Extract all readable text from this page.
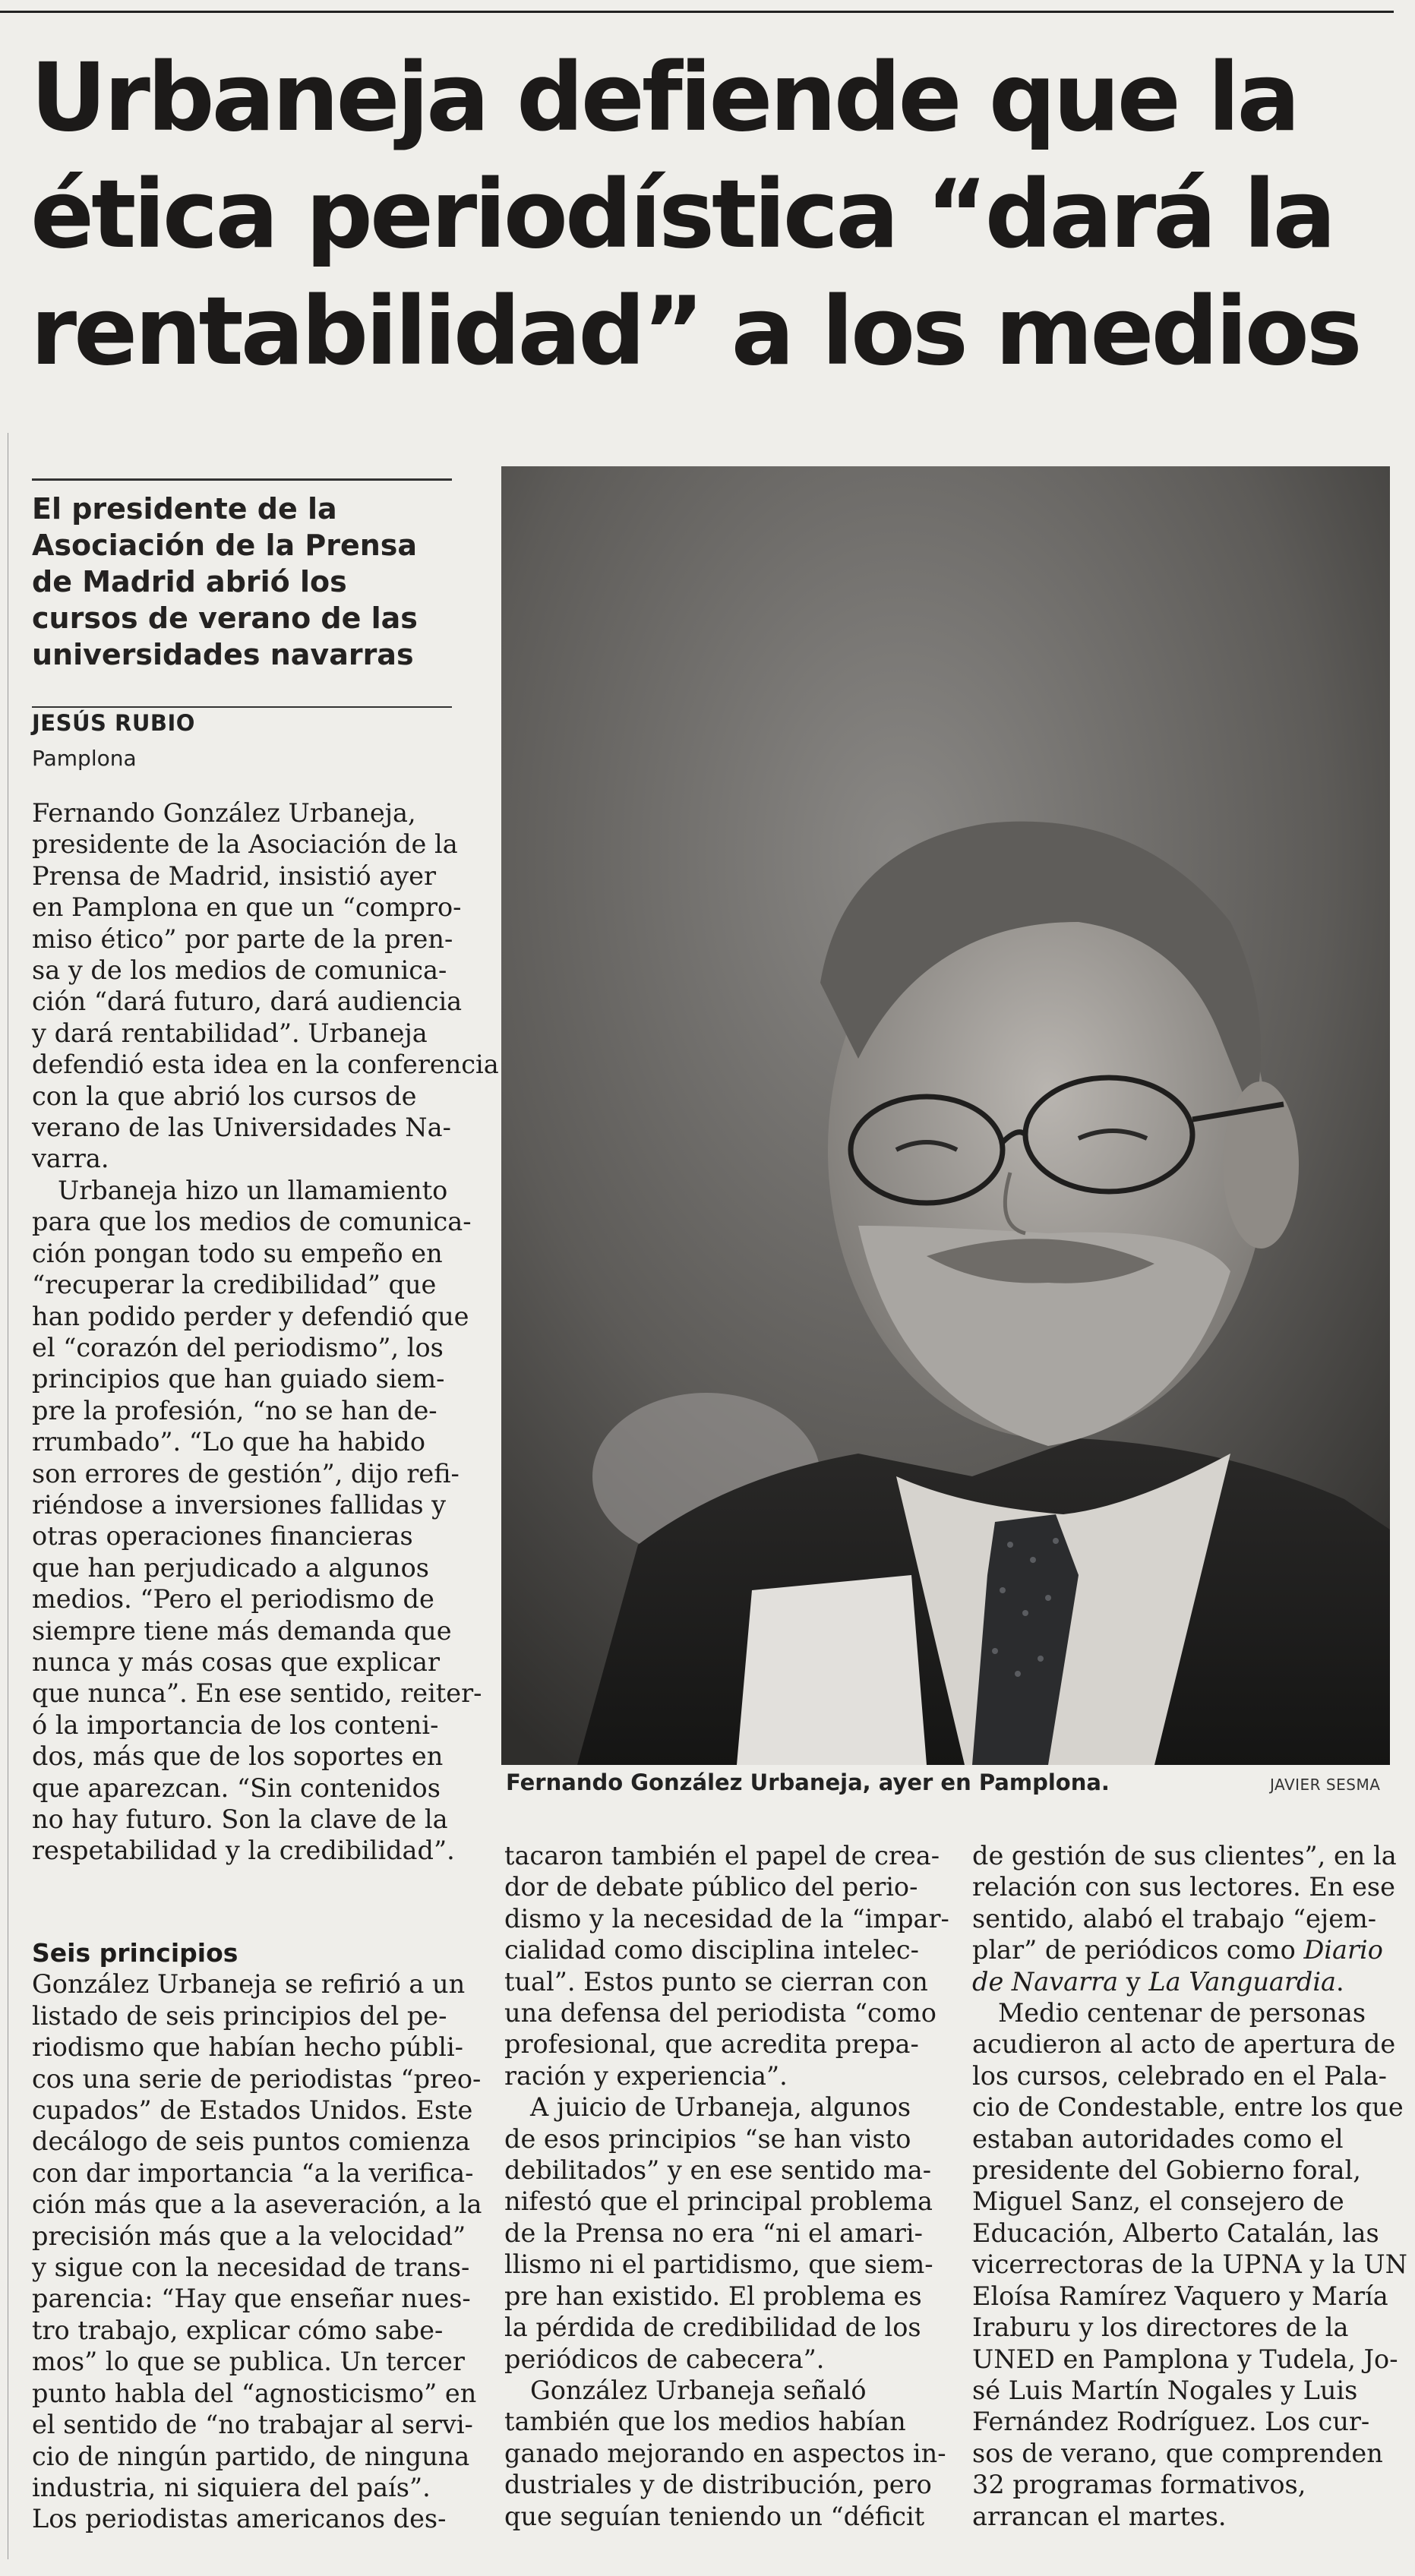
Urbaneja defiende que la
ética periodística “dará la
rentabilidad” a los medios
El presidente de la
Asociación de la Prensa
de Madrid abrió los
cursos de verano de las
universidades navarras
JESÚS RUBIO
Pamplona
Fernando González Urbaneja,
presidente de la Asociación de la
Prensa de Madrid, insistió ayer
en Pamplona en que un “compro-
miso ético” por parte de la pren-
sa y de los medios de comunica-
ción “dará futuro, dará audiencia
y dará rentabilidad”. Urbaneja
defendió esta idea en la conferencia
con la que abrió los cursos de
verano de las Universidades Na-
varra.
Urbaneja hizo un llamamiento
para que los medios de comunica-
ción pongan todo su empeño en
“recuperar la credibilidad” que
han podido perder y defendió que
el “corazón del periodismo”, los
principios que han guiado siem-
pre la profesión, “no se han de-
rrumbado”. “Lo que ha habido
son errores de gestión”, dijo refi-
riéndose a inversiones fallidas y
otras operaciones financieras
que han perjudicado a algunos
medios. “Pero el periodismo de
siempre tiene más demanda que
nunca y más cosas que explicar
que nunca”. En ese sentido, reiter-
ó la importancia de los conteni-
dos, más que de los soportes en
que aparezcan. “Sin contenidos
no hay futuro. Son la clave de la
respetabilidad y la credibilidad”.
Seis principios
González Urbaneja se refirió a un
listado de seis principios del pe-
riodismo que habían hecho públi-
cos una serie de periodistas “preo-
cupados” de Estados Unidos. Este
decálogo de seis puntos comienza
con dar importancia “a la verifica-
ción más que a la aseveración, a la
precisión más que a la velocidad”
y sigue con la necesidad de trans-
parencia: “Hay que enseñar nues-
tro trabajo, explicar cómo sabe-
mos” lo que se publica. Un tercer
punto habla del “agnosticismo” en
el sentido de “no trabajar al servi-
cio de ningún partido, de ninguna
industria, ni siquiera del país”.
Los periodistas americanos des-
tacaron también el papel de crea-
dor de debate público del perio-
dismo y la necesidad de la “impar-
cialidad como disciplina intelec-
tual”. Estos punto se cierran con
una defensa del periodista “como
profesional, que acredita prepa-
ración y experiencia”.
A juicio de Urbaneja, algunos
de esos principios “se han visto
debilitados” y en ese sentido ma-
nifestó que el principal problema
de la Prensa no era “ni el amari-
llismo ni el partidismo, que siem-
pre han existido. El problema es
la pérdida de credibilidad de los
periódicos de cabecera”.
González Urbaneja señaló
también que los medios habían
ganado mejorando en aspectos in-
dustriales y de distribución, pero
que seguían teniendo un “déficit
de gestión de sus clientes”, en la
relación con sus lectores. En ese
sentido, alabó el trabajo “ejem-
plar” de periódicos como Diario
de Navarra y La Vanguardia.
Medio centenar de personas
acudieron al acto de apertura de
los cursos, celebrado en el Pala-
cio de Condestable, entre los que
estaban autoridades como el
presidente del Gobierno foral,
Miguel Sanz, el consejero de
Educación, Alberto Catalán, las
vicerrectoras de la UPNA y la UN
Eloísa Ramírez Vaquero y María
Iraburu y los directores de la
UNED en Pamplona y Tudela, Jo-
sé Luis Martín Nogales y Luis
Fernández Rodríguez. Los cur-
sos de verano, que comprenden
32 programas formativos,
arrancan el martes.
Fernando González Urbaneja, ayer en Pamplona.	JAVIER SESMA
